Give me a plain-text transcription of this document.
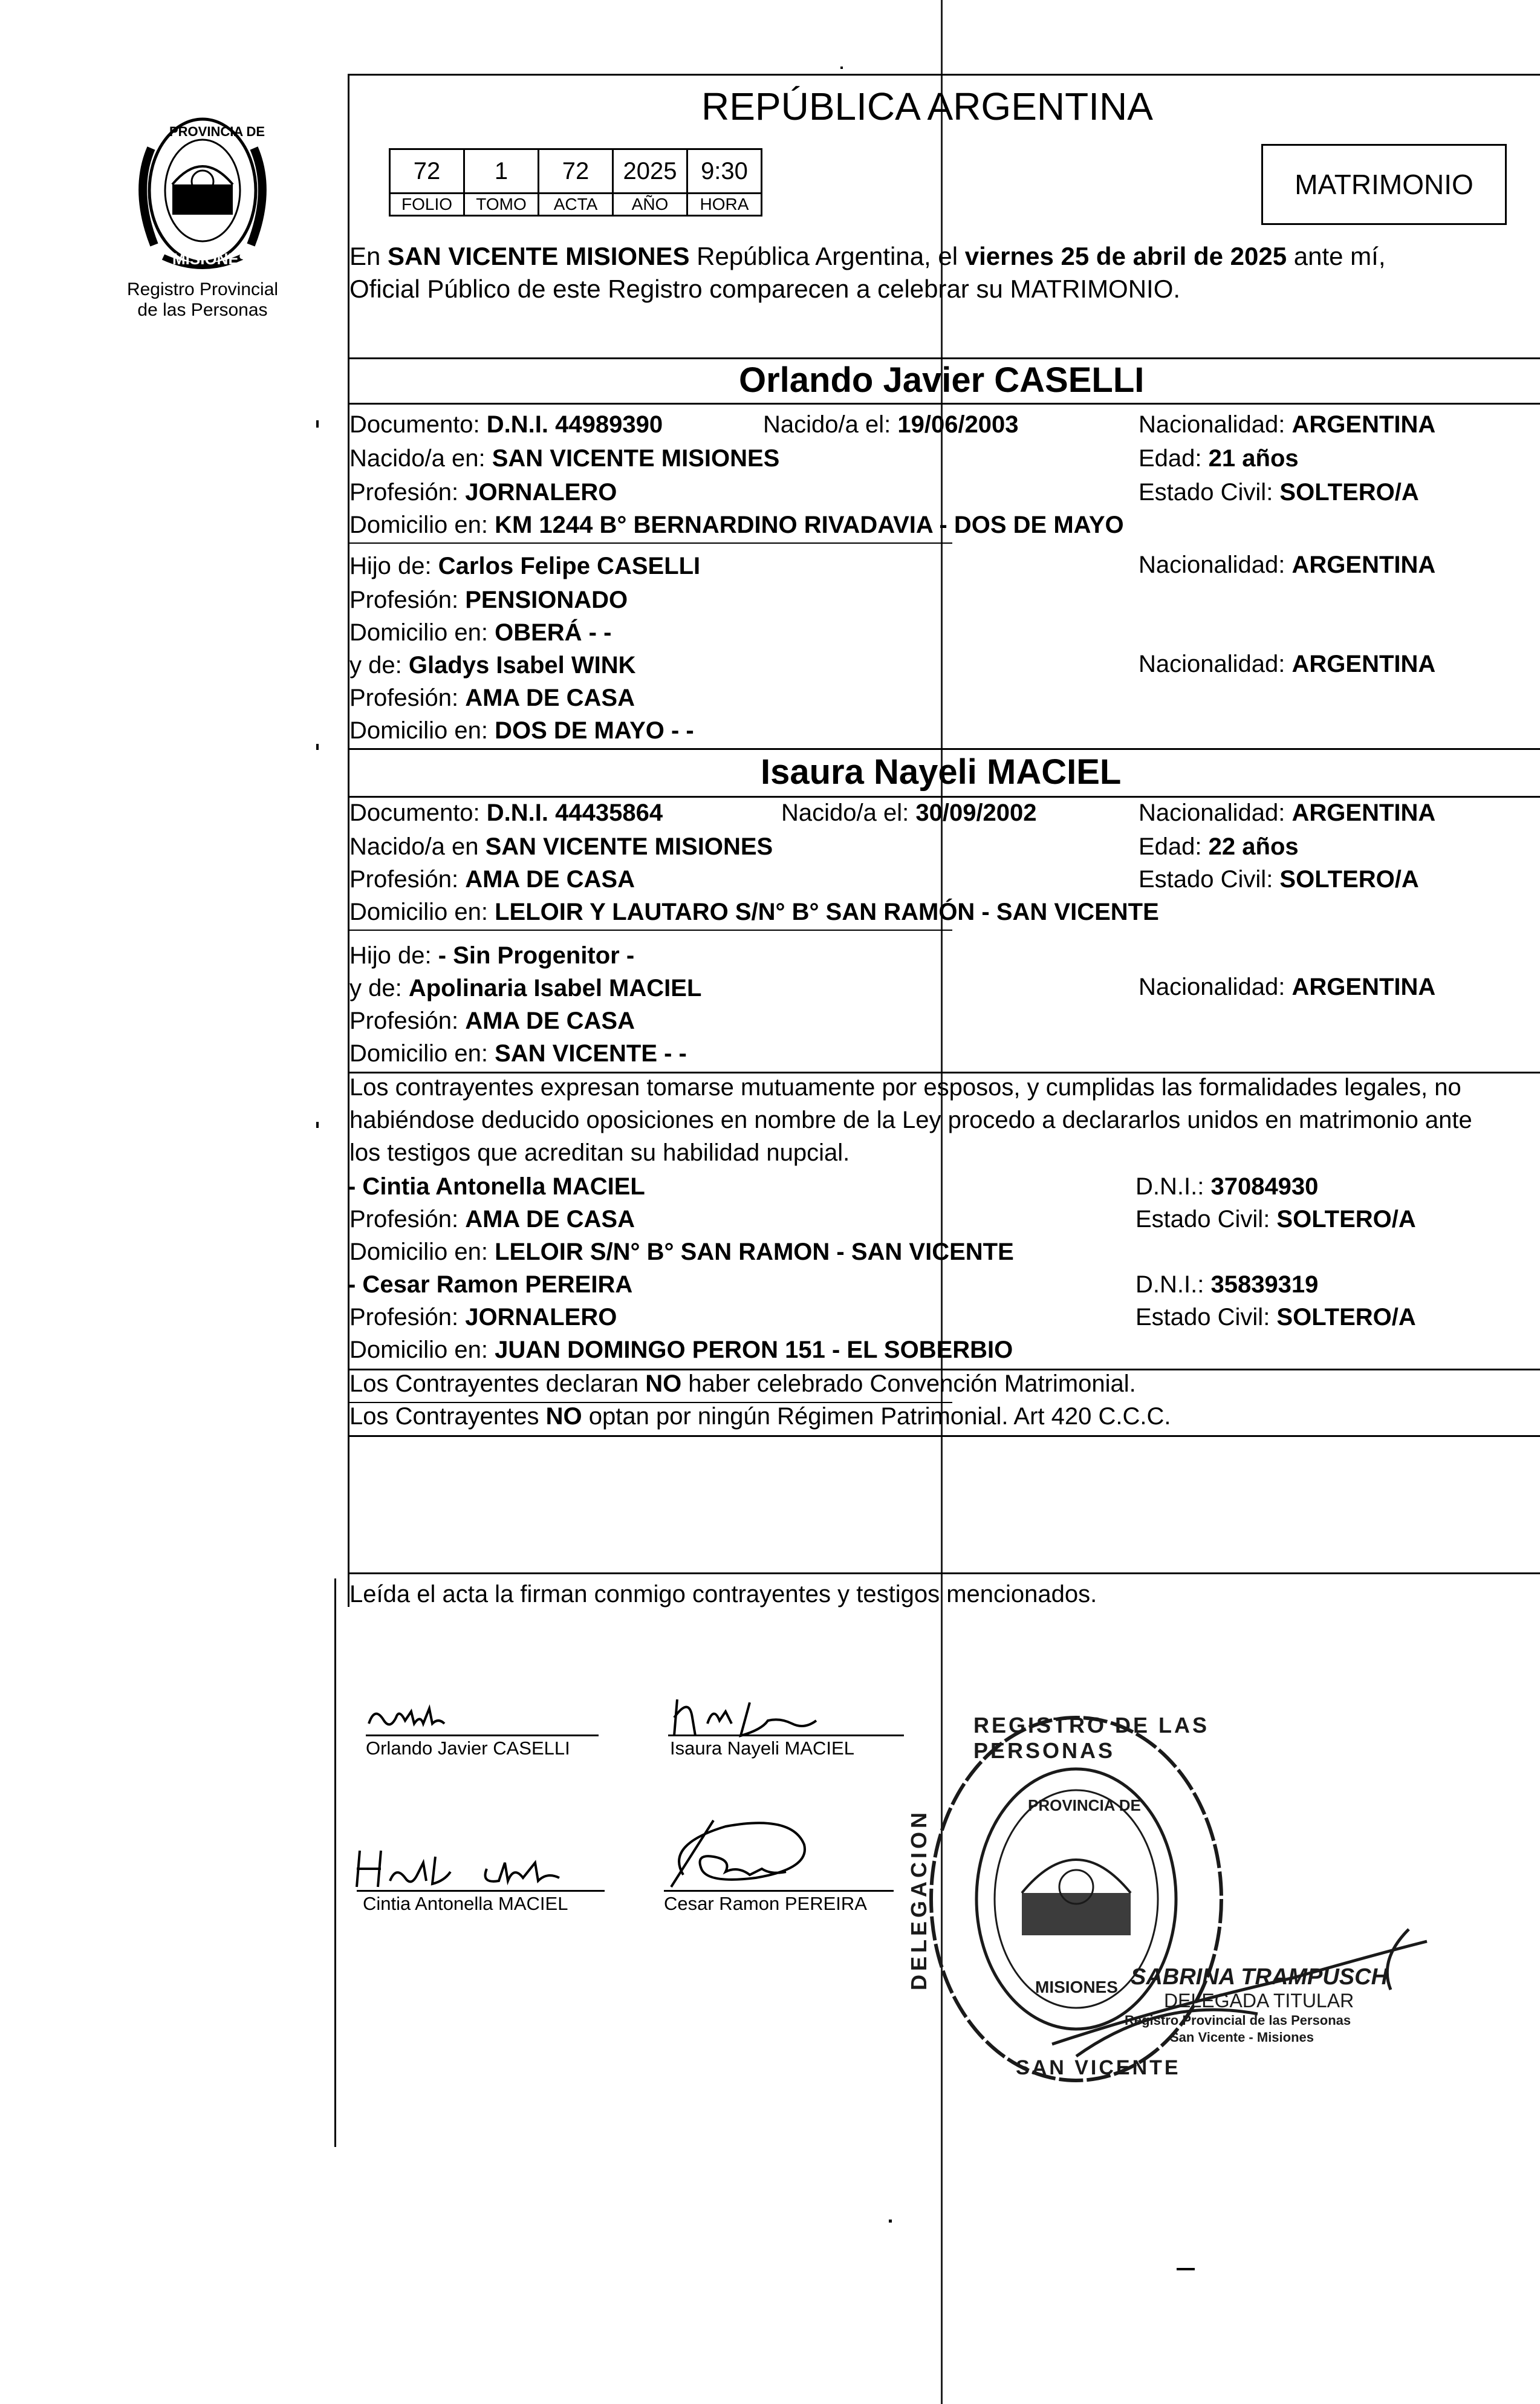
PROVINCIA DE
MISIONES
Registro Provincial
de las Personas
REPÚBLICA ARGENTINA
72	1	72	2025	9:30
FOLIO	TOMO	ACTA	AÑO	HORA
MATRIMONIO
En SAN VICENTE MISIONES República Argentina, el viernes 25 de abril de 2025 ante mí,
Oficial Público de este Registro comparecen a celebrar su MATRIMONIO.
Orlando Javier CASELLI
Documento: D.N.I. 44989390	Nacido/a el: 19/06/2003	Nacionalidad: ARGENTINA
Nacido/a en: SAN VICENTE MISIONES	Edad: 21 años
Profesión: JORNALERO	Estado Civil: SOLTERO/A
Domicilio en: KM 1244 B° BERNARDINO RIVADAVIA - DOS DE MAYO
Hijo de: Carlos Felipe CASELLI	Nacionalidad: ARGENTINA
Profesión: PENSIONADO
Domicilio en: OBERÁ - -
y de: Gladys Isabel WINK	Nacionalidad: ARGENTINA
Profesión: AMA DE CASA
Domicilio en: DOS DE MAYO - -
Isaura Nayeli MACIEL
Documento: D.N.I. 44435864	Nacido/a el: 30/09/2002	Nacionalidad: ARGENTINA
Nacido/a en SAN VICENTE MISIONES	Edad: 22 años
Profesión: AMA DE CASA	Estado Civil: SOLTERO/A
Domicilio en: LELOIR Y LAUTARO S/N° B° SAN RAMÓN - SAN VICENTE
Hijo de: - Sin Progenitor -
y de: Apolinaria Isabel MACIEL	Nacionalidad: ARGENTINA
Profesión: AMA DE CASA
Domicilio en: SAN VICENTE - -
Los contrayentes expresan tomarse mutuamente por esposos, y cumplidas las formalidades legales, no
habiéndose deducido oposiciones en nombre de la Ley procedo a declararlos unidos en matrimonio ante
los testigos que acreditan su habilidad nupcial.
- Cintia Antonella MACIEL	D.N.I.: 37084930
Profesión: AMA DE CASA	Estado Civil: SOLTERO/A
Domicilio en: LELOIR S/N° B° SAN RAMON - SAN VICENTE
- Cesar Ramon PEREIRA	D.N.I.: 35839319
Profesión: JORNALERO	Estado Civil: SOLTERO/A
Domicilio en: JUAN DOMINGO PERON 151 - EL SOBERBIO
Los Contrayentes declaran NO haber celebrado Convención Matrimonial.
Los Contrayentes NO optan por ningún Régimen Patrimonial. Art 420 C.C.C.
Leída el acta la firman conmigo contrayentes y testigos mencionados.
Orlando Javier CASELLI	Isaura Nayeli MACIEL
Cintia Antonella MACIEL	Cesar Ramon PEREIRA
REGISTRO DE LAS PERSONAS
DELEGACION
SAN VICENTE
PROVINCIA DE
MISIONES SABRINA TRAMPUSCH
DELEGADA TITULAR
Registro Provincial de las Personas
San Vicente - Misiones
